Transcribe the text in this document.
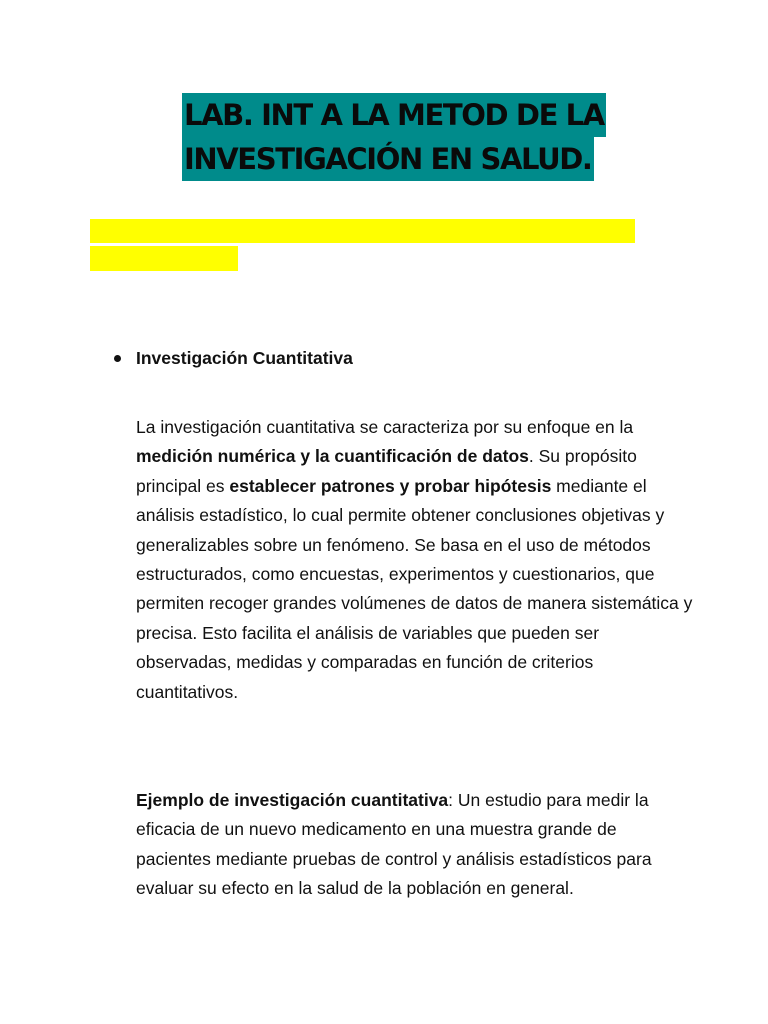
LAB. INT A LA METOD DE LA
INVESTIGACIÓN EN SALUD.
Investigación Cuantitativa

La investigación cuantitativa se caracteriza por su enfoque en la medición numérica y la cuantificación de datos. Su propósito principal es establecer patrones y probar hipótesis mediante el análisis estadístico, lo cual permite obtener conclusiones objetivas y generalizables sobre un fenómeno. Se basa en el uso de métodos estructurados, como encuestas, experimentos y cuestionarios, que permiten recoger grandes volúmenes de datos de manera sistemática y precisa. Esto facilita el análisis de variables que pueden ser observadas, medidas y comparadas en función de criterios cuantitativos.

Ejemplo de investigación cuantitativa: Un estudio para medir la eficacia de un nuevo medicamento en una muestra grande de pacientes mediante pruebas de control y análisis estadísticos para evaluar su efecto en la salud de la población en general.
